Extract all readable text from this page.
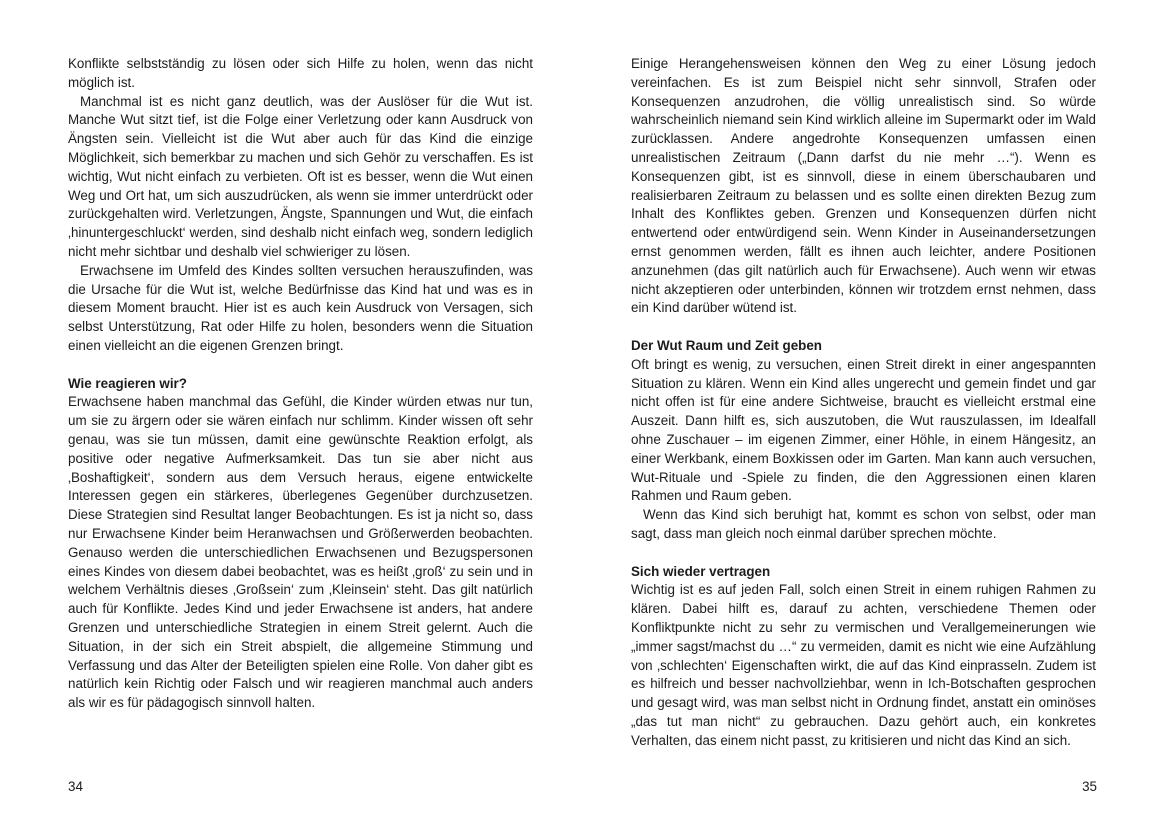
Konflikte selbstständig zu lösen oder sich Hilfe zu holen, wenn das nicht möglich ist.

Manchmal ist es nicht ganz deutlich, was der Auslöser für die Wut ist. Manche Wut sitzt tief, ist die Folge einer Verletzung oder kann Ausdruck von Ängsten sein. Vielleicht ist die Wut aber auch für das Kind die einzige Möglichkeit, sich bemerkbar zu machen und sich Gehör zu verschaffen. Es ist wichtig, Wut nicht einfach zu verbieten. Oft ist es besser, wenn die Wut einen Weg und Ort hat, um sich auszudrücken, als wenn sie immer unterdrückt oder zurückgehalten wird. Verletzungen, Ängste, Spannungen und Wut, die einfach ‚hinuntergeschluckt‘ werden, sind deshalb nicht einfach weg, sondern lediglich nicht mehr sichtbar und deshalb viel schwieriger zu lösen.

Erwachsene im Umfeld des Kindes sollten versuchen herauszufinden, was die Ursache für die Wut ist, welche Bedürfnisse das Kind hat und was es in diesem Moment braucht. Hier ist es auch kein Ausdruck von Versagen, sich selbst Unterstützung, Rat oder Hilfe zu holen, besonders wenn die Situation einen vielleicht an die eigenen Grenzen bringt.

Wie reagieren wir?

Erwachsene haben manchmal das Gefühl, die Kinder würden etwas nur tun, um sie zu ärgern oder sie wären einfach nur schlimm. Kinder wissen oft sehr genau, was sie tun müssen, damit eine gewünschte Reaktion erfolgt, als positive oder negative Aufmerksamkeit. Das tun sie aber nicht aus ‚Boshaftigkeit‘, sondern aus dem Versuch heraus, eigene entwickelte Interessen gegen ein stärkeres, überlegenes Gegenüber durchzusetzen. Diese Strategien sind Resultat langer Beobachtungen. Es ist ja nicht so, dass nur Erwachsene Kinder beim Heranwachsen und Größerwerden beobachten. Genauso werden die unterschiedlichen Erwachsenen und Bezugspersonen eines Kindes von diesem dabei beobachtet, was es heißt ‚groß‘ zu sein und in welchem Verhältnis dieses ‚Großsein‘ zum ‚Kleinsein‘ steht. Das gilt natürlich auch für Konflikte. Jedes Kind und jeder Erwachsene ist anders, hat andere Grenzen und unterschiedliche Strategien in einem Streit gelernt. Auch die Situation, in der sich ein Streit abspielt, die allgemeine Stimmung und Verfassung und das Alter der Beteiligten spielen eine Rolle. Von daher gibt es natürlich kein Richtig oder Falsch und wir reagieren manchmal auch anders als wir es für pädagogisch sinnvoll halten.

Einige Herangehensweisen können den Weg zu einer Lösung jedoch vereinfachen. Es ist zum Beispiel nicht sehr sinnvoll, Strafen oder Konsequenzen anzudrohen, die völlig unrealistisch sind. So würde wahrscheinlich niemand sein Kind wirklich alleine im Supermarkt oder im Wald zurücklassen. Andere angedrohte Konsequenzen umfassen einen unrealistischen Zeitraum („Dann darfst du nie mehr …“). Wenn es Konsequenzen gibt, ist es sinnvoll, diese in einem überschaubaren und realisierbaren Zeitraum zu belassen und es sollte einen direkten Bezug zum Inhalt des Konfliktes geben. Grenzen und Konsequenzen dürfen nicht entwertend oder entwürdigend sein. Wenn Kinder in Auseinandersetzungen ernst genommen werden, fällt es ihnen auch leichter, andere Positionen anzunehmen (das gilt natürlich auch für Erwachsene). Auch wenn wir etwas nicht akzeptieren oder unterbinden, können wir trotzdem ernst nehmen, dass ein Kind darüber wütend ist.

Der Wut Raum und Zeit geben

Oft bringt es wenig, zu versuchen, einen Streit direkt in einer angespannten Situation zu klären. Wenn ein Kind alles ungerecht und gemein findet und gar nicht offen ist für eine andere Sichtweise, braucht es vielleicht erstmal eine Auszeit. Dann hilft es, sich auszutoben, die Wut rauszulassen, im Idealfall ohne Zuschauer – im eigenen Zimmer, einer Höhle, in einem Hängesitz, an einer Werkbank, einem Boxkissen oder im Garten. Man kann auch versuchen, Wut-Rituale und -Spiele zu finden, die den Aggressionen einen klaren Rahmen und Raum geben.

Wenn das Kind sich beruhigt hat, kommt es schon von selbst, oder man sagt, dass man gleich noch einmal darüber sprechen möchte.

Sich wieder vertragen

Wichtig ist es auf jeden Fall, solch einen Streit in einem ruhigen Rahmen zu klären. Dabei hilft es, darauf zu achten, verschiedene Themen oder Konfliktpunkte nicht zu sehr zu vermischen und Verallgemeinerungen wie „immer sagst/machst du …“ zu vermeiden, damit es nicht wie eine Aufzählung von ‚schlechten‘ Eigenschaften wirkt, die auf das Kind einprasseln. Zudem ist es hilfreich und besser nachvollziehbar, wenn in Ich-Botschaften gesprochen und gesagt wird, was man selbst nicht in Ordnung findet, anstatt ein ominöses „das tut man nicht“ zu gebrauchen. Dazu gehört auch, ein konkretes Verhalten, das einem nicht passt, zu kritisieren und nicht das Kind an sich.

34	35
